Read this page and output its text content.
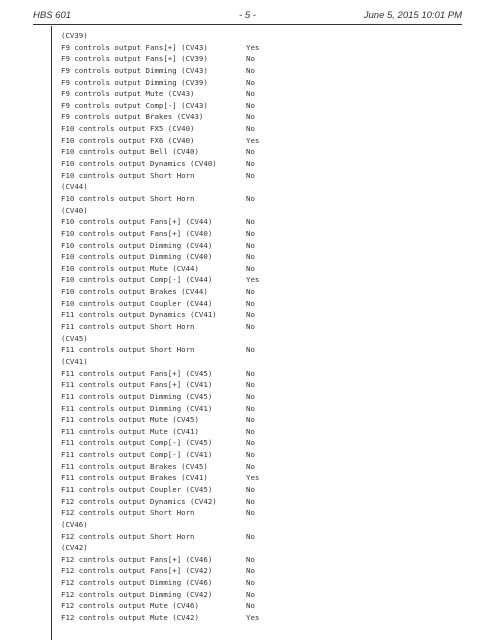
HBS 601	- 5 -	June 5, 2015 10:01 PM
(CV39)
F9 controls output Fans[+] (CV43)	Yes
F9 controls output Fans[+] (CV39)	No
F9 controls output Dimming (CV43)	No
F9 controls output Dimming (CV39)	No
F9 controls output Mute (CV43)	No
F9 controls output Comp[-] (CV43)	No
F9 controls output Brakes (CV43)	No
F10 controls output FX5 (CV40)	No
F10 controls output FX6 (CV40)	Yes
F10 controls output Bell (CV40)	No
F10 controls output Dynamics (CV40)	No
F10 controls output Short Horn	No
(CV44)
F10 controls output Short Horn	No
(CV40)
F10 controls output Fans[+] (CV44)	No
F10 controls output Fans[+] (CV40)	No
F10 controls output Dimming (CV44)	No
F10 controls output Dimming (CV40)	No
F10 controls output Mute (CV44)	No
F10 controls output Comp[-] (CV44)	Yes
F10 controls output Brakes (CV44)	No
F10 controls output Coupler (CV44)	No
F11 controls output Dynamics (CV41)	No
F11 controls output Short Horn	No
(CV45)
F11 controls output Short Horn	No
(CV41)
F11 controls output Fans[+] (CV45)	No
F11 controls output Fans[+] (CV41)	No
F11 controls output Dimming (CV45)	No
F11 controls output Dimming (CV41)	No
F11 controls output Mute (CV45)	No
F11 controls output Mute (CV41)	No
F11 controls output Comp[-] (CV45)	No
F11 controls output Comp[-] (CV41)	No
F11 controls output Brakes (CV45)	No
F11 controls output Brakes (CV41)	Yes
F11 controls output Coupler (CV45)	No
F12 controls output Dynamics (CV42)	No
F12 controls output Short Horn	No
(CV46)
F12 controls output Short Horn	No
(CV42)
F12 controls output Fans[+] (CV46)	No
F12 controls output Fans[+] (CV42)	No
F12 controls output Dimming (CV46)	No
F12 controls output Dimming (CV42)	No
F12 controls output Mute (CV46)	No
F12 controls output Mute (CV42)	Yes
